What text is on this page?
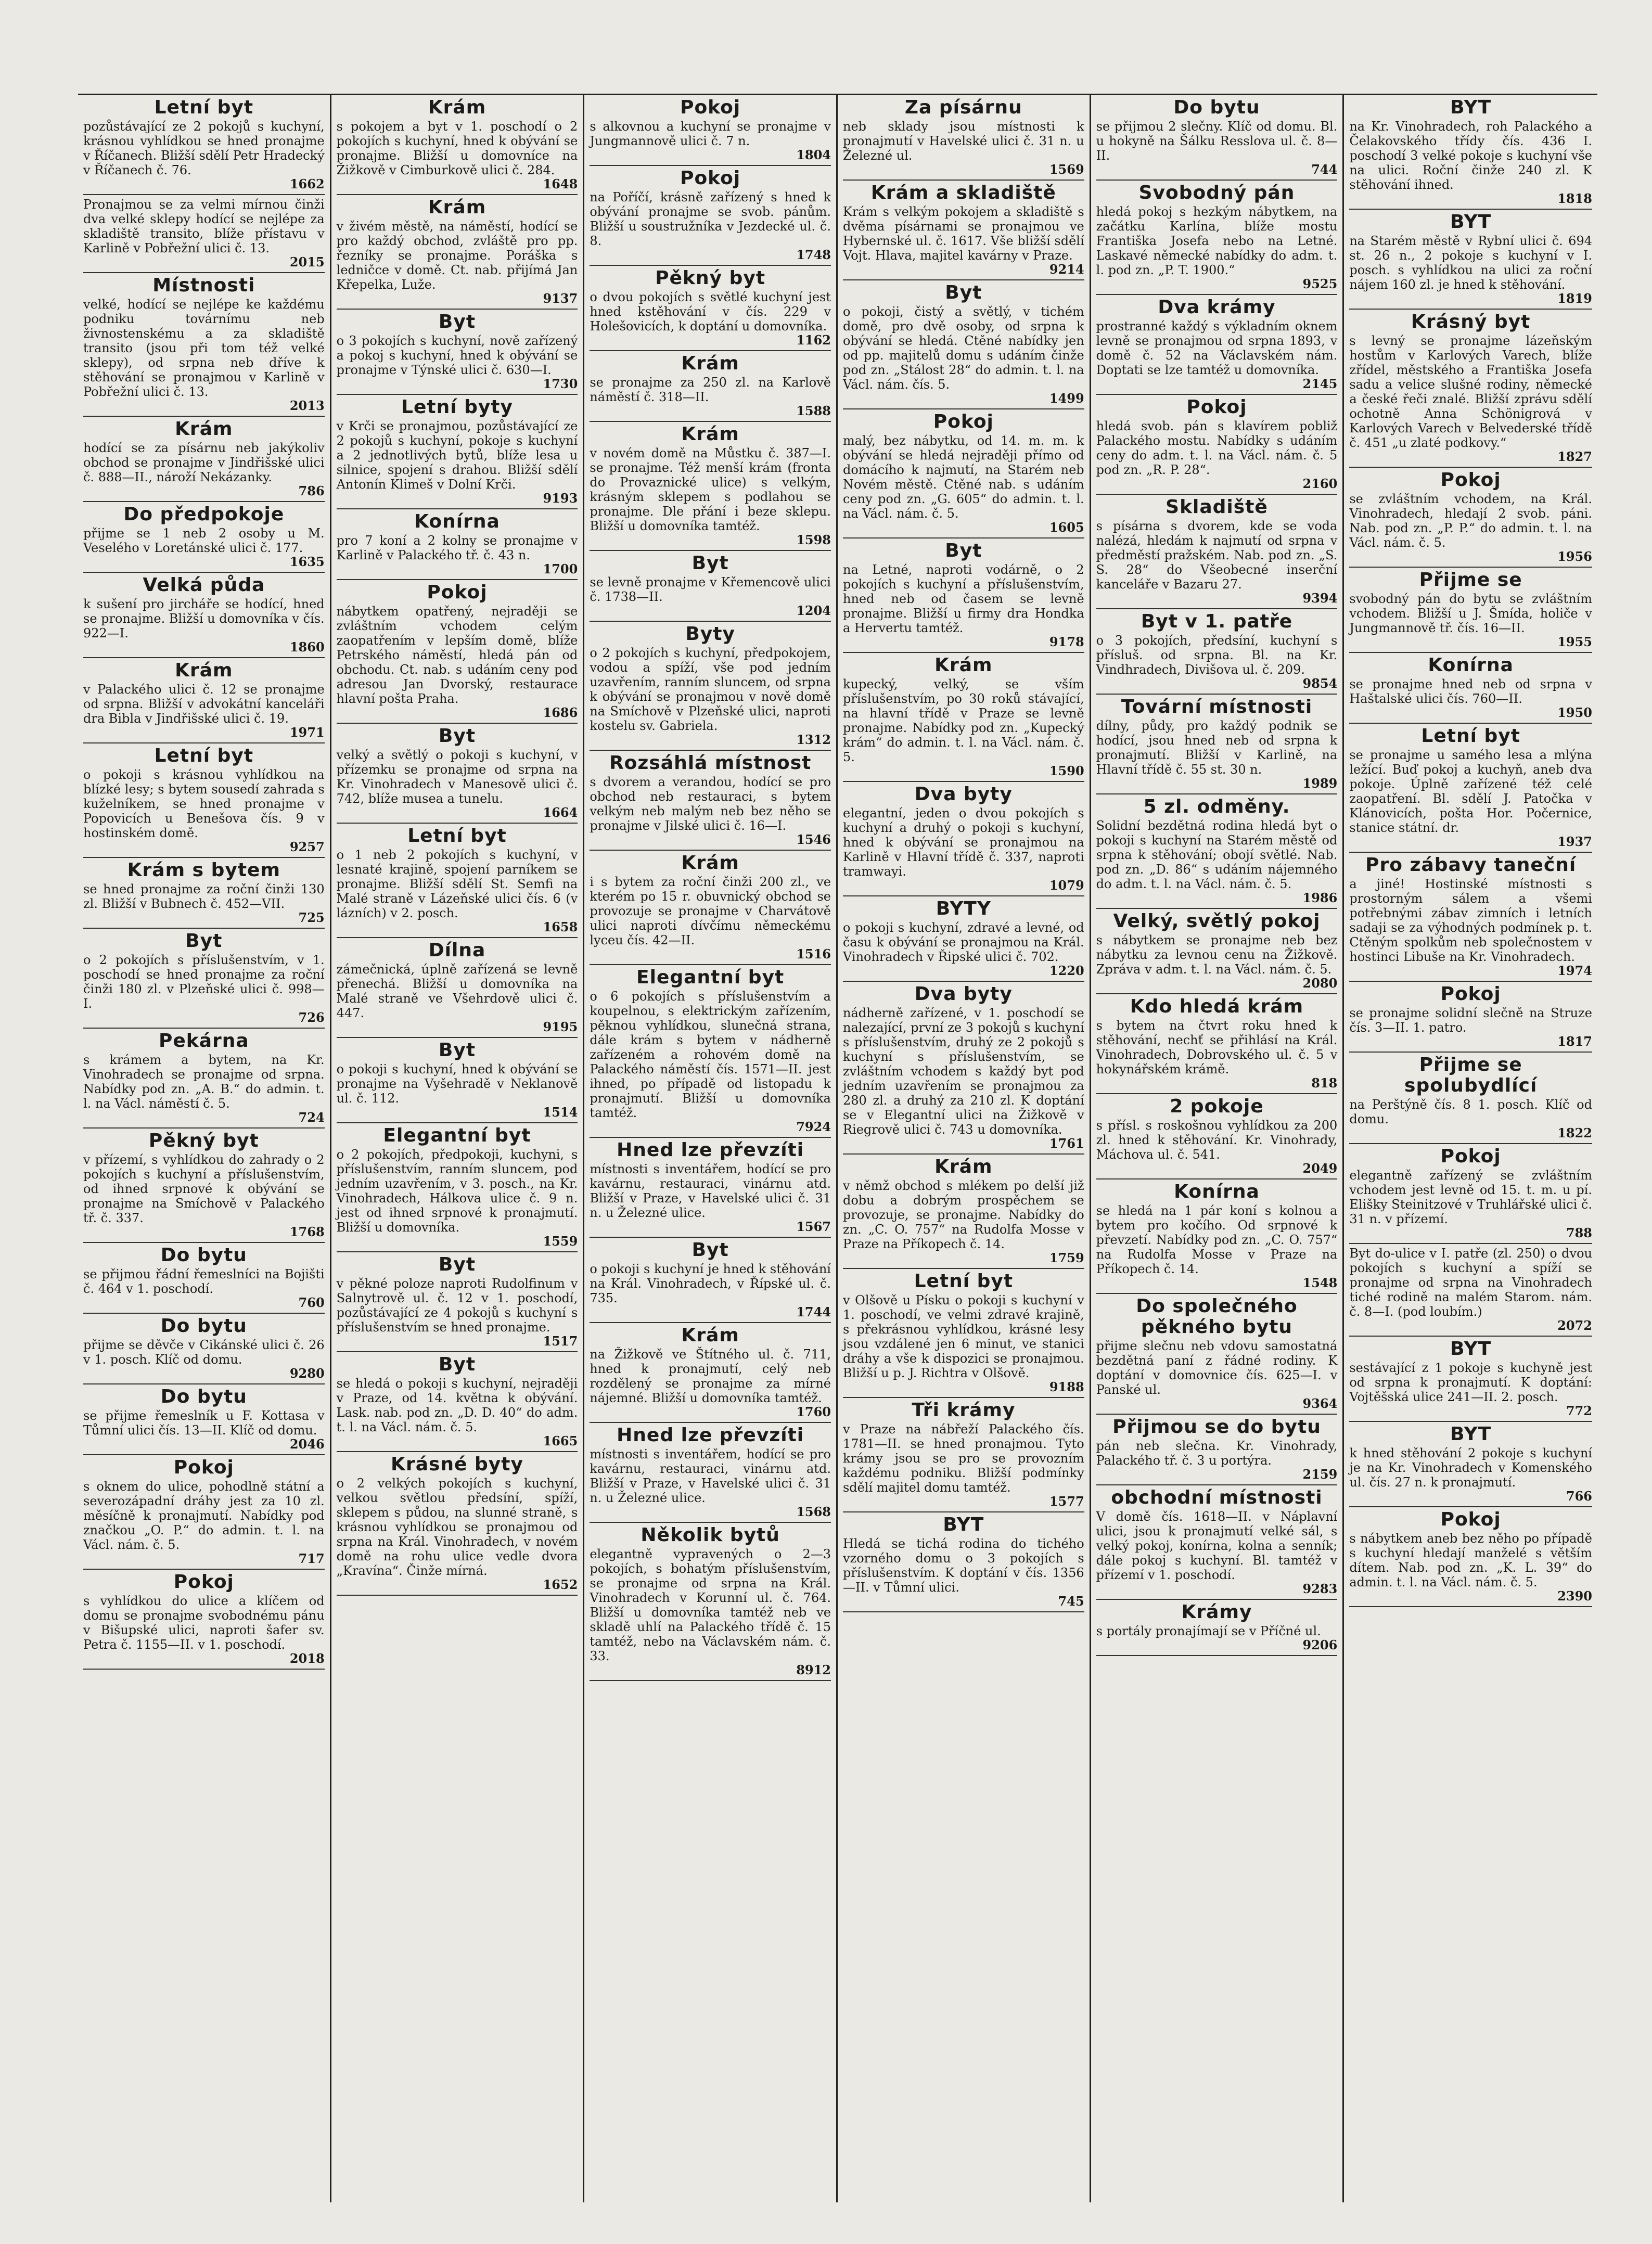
Letní byt

pozůstávající ze 2 pokojů s kuchyní, krásnou vyhlídkou se hned pronajme v Říčanech. Bližší sdělí Petr Hradecký v Říčanech č. 76.

1662

Pronajmou se za velmi mírnou činži dva velké sklepy hodící se nejlépe za skladiště transito, blíže přístavu v Karlině v Pobřežní ulici č. 13.

2015
Místnosti

velké, hodící se nejlépe ke každému podniku továrnímu neb živnostenskému a za skladiště transito (jsou při tom též velké sklepy), od srpna neb dříve k stěhování se pronajmou v Karlině v Pobřežní ulici č. 13.

2013
Krám

hodící se za písárnu neb jakýkoliv obchod se pronajme v Jindřišské ulici č. 888—II., nároží Nekázanky.

786
Do předpokoje

přijme se 1 neb 2 osoby u M. Veselého v Loretánské ulici č. 177.

1635
Velká půda

k sušení pro jircháře se hodící, hned se pronajme. Bližší u domovníka v čís. 922—I.

1860
Krám

v Palackého ulici č. 12 se pronajme od srpna. Bližší v advokátní kanceláři dra Bibla v Jindřišské ulici č. 19.

1971
Letní byt

o pokoji s krásnou vyhlídkou na blízké lesy; s bytem sousedí zahrada s kuželníkem, se hned pronajme v Popovicích u Benešova čís. 9 v hostinském domě.

9257
Krám s bytem

se hned pronajme za roční činži 130 zl. Bližší v Bubnech č. 452—VII.

725
Byt

o 2 pokojích s příslušenstvím, v 1. poschodí se hned pronajme za roční činži 180 zl. v Plzeňské ulici č. 998—I.

726
Pekárna

s krámem a bytem, na Kr. Vinohradech se pronajme od srpna. Nabídky pod zn. „A. B.“ do admin. t. l. na Václ. náměstí č. 5.

724
Pěkný byt

v přízemí, s vyhlídkou do zahrady o 2 pokojích s kuchyní a příslušenstvím, od ihned srpnové k obývání se pronajme na Smíchově v Palackého tř. č. 337.

1768
Do bytu

se přijmou řádní řemeslníci na Bojišti č. 464 v 1. poschodí.

760
Do bytu

přijme se děvče v Cikánské ulici č. 26 v 1. posch. Klíč od domu.

9280
Do bytu

se přijme řemeslník u F. Kottasa v Tůmní ulici čís. 13—II. Klíč od domu.

2046
Pokoj

s oknem do ulice, pohodlně státní a severozápadní dráhy jest za 10 zl. měsíčně k pronajmutí. Nabídky pod značkou „O. P.“ do admin. t. l. na Václ. nám. č. 5.

717
Pokoj

s vyhlídkou do ulice a klíčem od domu se pronajme svobodnému pánu v Bišupské ulici, naproti šafer sv. Petra č. 1155—II. v 1. poschodí.

2018
Krám

s pokojem a byt v 1. poschodí o 2 pokojích s kuchyní, hned k obývání se pronajme. Bližší u domovníce na Žižkově v Cimburkově ulici č. 284.

1648
Krám

v živém městě, na náměstí, hodící se pro každý obchod, zvláště pro pp. řezníky se pronajme. Poráška s ledničce v domě. Ct. nab. přijímá Jan Křepelka, Luže.

9137
Byt

o 3 pokojích s kuchyní, nově zařízený a pokoj s kuchyní, hned k obývání se pronajme v Týnské ulici č. 630—I.

1730
Letní byty

v Krči se pronajmou, pozůstávající ze 2 pokojů s kuchyní, pokoje s kuchyní a 2 jednotlivých bytů, blíže lesa u silnice, spojení s drahou. Bližší sdělí Antonín Klimeš v Dolní Krči.

9193
Konírna

pro 7 koní a 2 kolny se pronajme v Karlině v Palackého tř. č. 43 n.

1700
Pokoj

nábytkem opatřený, nejraději se zvláštním vchodem celým zaopatřením v lepším domě, blíže Petrského náměstí, hledá pán od obchodu. Ct. nab. s udáním ceny pod adresou Jan Dvorský, restaurace hlavní pošta Praha.

1686
Byt

velký a světlý o pokoji s kuchyní, v přízemku se pronajme od srpna na Kr. Vinohradech v Manesově ulici č. 742, blíže musea a tunelu.

1664
Letní byt

o 1 neb 2 pokojích s kuchyní, v lesnaté krajině, spojení parníkem se pronajme. Bližší sdělí St. Semfi na Malé straně v Lázeňské ulici čís. 6 (v lázních) v 2. posch.

1658
Dílna

zámečnická, úplně zařízená se levně přenechá. Bližší u domovníka na Malé straně ve Všehrdově ulici č. 447.

9195
Byt

o pokoji s kuchyní, hned k obývání se pronajme na Vyšehradě v Neklanově ul. č. 112.

1514
Elegantní byt

o 2 pokojích, předpokoji, kuchyni, s příslušenstvím, ranním sluncem, pod jedním uzavřením, v 3. posch., na Kr. Vinohradech, Hálkova ulice č. 9 n. jest od ihned srpnové k pronajmutí. Bližší u domovníka.

1559
Byt

v pěkné poloze naproti Rudolfinum v Salnytrově ul. č. 12 v 1. poschodí, pozůstávající ze 4 pokojů s kuchyní s příslušenstvím se hned pronajme.

1517
Byt

se hledá o pokoji s kuchyní, nejraději v Praze, od 14. května k obývání. Lask. nab. pod zn. „D. D. 40“ do adm. t. l. na Václ. nám. č. 5.

1665
Krásné byty

o 2 velkých pokojích s kuchyní, velkou světlou předsíní, spíží, sklepem s půdou, na slunné straně, s krásnou vyhlídkou se pronajmou od srpna na Král. Vinohradech, v novém domě na rohu ulice vedle dvora „Kravína“. Činže mírná.

1652
Pokoj

s alkovnou a kuchyní se pronajme v Jungmannově ulici č. 7 n.

1804
Pokoj

na Poříčí, krásně zařízený s hned k obývání pronajme se svob. pánům. Bližší u soustružníka v Jezdecké ul. č. 8.

1748
Pěkný byt

o dvou pokojích s světlé kuchyní jest hned kstěhování v čís. 229 v Holešovicích, k doptání u domovníka.

1162
Krám

se pronajme za 250 zl. na Karlově náměstí č. 318—II.

1588
Krám

v novém domě na Můstku č. 387—I. se pronajme. Též menší krám (fronta do Provaznické ulice) s velkým, krásným sklepem s podlahou se pronajme. Dle přání i beze sklepu. Bližší u domovníka tamtéž.

1598
Byt

se levně pronajme v Křemencově ulici č. 1738—II.

1204
Byty

o 2 pokojích s kuchyní, předpokojem, vodou a spíží, vše pod jedním uzavřením, ranním sluncem, od srpna k obývání se pronajmou v nově domě na Smíchově v Plzeňské ulici, naproti kostelu sv. Gabriela.

1312
Rozsáhlá místnost

s dvorem a verandou, hodící se pro obchod neb restauraci, s bytem velkým neb malým neb bez něho se pronajme v Jilské ulici č. 16—I.

1546
Krám

i s bytem za roční činži 200 zl., ve kterém po 15 r. obuvnický obchod se provozuje se pronajme v Charvátově ulici naproti dívčímu německému lyceu čís. 42—II.

1516
Elegantní byt

o 6 pokojích s příslušenstvím a koupelnou, s elektrickým zařízením, pěknou vyhlídkou, slunečná strana, dále krám s bytem v nádherně zařízeném a rohovém domě na Palackého náměstí čís. 1571—II. jest ihned, po případě od listopadu k pronajmutí. Bližší u domovníka tamtéž.

7924
Hned lze převzíti

místnosti s inventářem, hodící se pro kavárnu, restauraci, vinárnu atd. Bližší v Praze, v Havelské ulici č. 31 n. u Železné ulice.

1567
Byt

o pokoji s kuchyní je hned k stěhování na Král. Vinohradech, v Řípské ul. č. 735.

1744
Krám

na Žižkově ve Štítného ul. č. 711, hned k pronajmutí, celý neb rozdělený se pronajme za mírné nájemné. Bližší u domovníka tamtéž.

1760
Hned lze převzíti

místnosti s inventářem, hodící se pro kavárnu, restauraci, vinárnu atd. Bližší v Praze, v Havelské ulici č. 31 n. u Železné ulice.

1568
Několik bytů

elegantně vypravených o 2—3 pokojích, s bohatým příslušenstvím, se pronajme od srpna na Král. Vinohradech v Korunní ul. č. 764. Bližší u domovníka tamtéž neb ve skladě uhlí na Palackého třídě č. 15 tamtéž, nebo na Václavském nám. č. 33.

8912
Za písárnu

neb sklady jsou místnosti k pronajmutí v Havelské ulici č. 31 n. u Železné ul.

1569
Krám a skladiště

Krám s velkým pokojem a skladiště s dvěma písárnami se pronajmou ve Hybernské ul. č. 1617. Vše bližší sdělí Vojt. Hlava, majitel kavárny v Praze.

9214
Byt

o pokoji, čistý a světlý, v tichém domě, pro dvě osoby, od srpna k obývání se hledá. Ctěné nabídky jen od pp. majitelů domu s udáním činže pod zn. „Stálost 28“ do admin. t. l. na Václ. nám. čís. 5.

1499
Pokoj

malý, bez nábytku, od 14. m. m. k obývání se hledá nejraději přímo od domácího k najmutí, na Starém neb Novém městě. Ctěné nab. s udáním ceny pod zn. „G. 605“ do admin. t. l. na Václ. nám. č. 5.

1605
Byt

na Letné, naproti vodárně, o 2 pokojích s kuchyní a příslušenstvím, hned neb od časem se levně pronajme. Bližší u firmy dra Hondka a Hervertu tamtéž.

9178
Krám

kupecký, velký, se vším příslušenstvím, po 30 roků stávající, na hlavní třídě v Praze se levně pronajme. Nabídky pod zn. „Kupecký krám“ do admin. t. l. na Václ. nám. č. 5.

1590
Dva byty

elegantní, jeden o dvou pokojích s kuchyní a druhý o pokoji s kuchyní, hned k obývání se pronajmou na Karlině v Hlavní třídě č. 337, naproti tramwayi.

1079
BYTY

o pokoji s kuchyní, zdravé a levné, od času k obývání se pronajmou na Král. Vinohradech v Řipské ulici č. 702.

1220
Dva byty

nádherně zařízené, v 1. poschodí se nalezající, první ze 3 pokojů s kuchyní s příslušenstvím, druhý ze 2 pokojů s kuchyní s příslušenstvím, se zvláštním vchodem s každý byt pod jedním uzavřením se pronajmou za 280 zl. a druhý za 210 zl. K doptání se v Elegantní ulici na Žižkově v Riegrově ulici č. 743 u domovníka.

1761
Krám

v němž obchod s mlékem po delší již dobu a dobrým prospěchem se provozuje, se pronajme. Nabídky do zn. „C. O. 757“ na Rudolfa Mosse v Praze na Příkopech č. 14.

1759
Letní byt

v Olšově u Písku o pokoji s kuchyní v 1. poschodí, ve velmi zdravé krajině, s překrásnou vyhlídkou, krásné lesy jsou vzdálené jen 6 minut, ve stanici dráhy a vše k dispozici se pronajmou. Bližší u p. J. Richtra v Olšově.

9188
Tři krámy

v Praze na nábřeží Palackého čís. 1781—II. se hned pronajmou. Tyto krámy jsou se pro se provozním každému podniku. Bližší podmínky sdělí majitel domu tamtéž.

1577
BYT

Hledá se tichá rodina do tichého vzorného domu o 3 pokojích s příslušenstvím. K doptání v čís. 1356—II. v Tůmní ulici.

745
Do bytu

se přijmou 2 slečny. Klíč od domu. Bl. u hokyně na Šálku Resslova ul. č. 8—II.

744
Svobodný pán

hledá pokoj s hezkým nábytkem, na začátku Karlína, blíže mostu Františka Josefa nebo na Letné. Laskavé německé nabídky do adm. t. l. pod zn. „P. T. 1900.“

9525
Dva krámy

prostranné každý s výkladním oknem levně se pronajmou od srpna 1893, v domě č. 52 na Václavském nám. Doptati se lze tamtéž u domovníka.

2145
Pokoj

hledá svob. pán s klavírem pobliž Palackého mostu. Nabídky s udáním ceny do adm. t. l. na Václ. nám. č. 5 pod zn. „R. P. 28“.

2160
Skladiště

s písárna s dvorem, kde se voda nalézá, hledám k najmutí od srpna v předměstí pražském. Nab. pod zn. „S. S. 28“ do Všeobecné inserční kanceláře v Bazaru 27.

9394
Byt v 1. patře

o 3 pokojích, předsíní, kuchyní s přísluš. od srpna. Bl. na Kr. Vindhradech, Divišova ul. č. 209.

9854
Tovární místnosti

dílny, půdy, pro každý podnik se hodící, jsou hned neb od srpna k pronajmutí. Bližší v Karlině, na Hlavní třídě č. 55 st. 30 n.

1989
5 zl. odměny.

Solidní bezdětná rodina hledá byt o pokoji s kuchyní na Starém městě od srpna k stěhování; obojí světlé. Nab. pod zn. „D. 86“ s udáním nájemného do adm. t. l. na Václ. nám. č. 5.

1986
Velký, světlý pokoj

s nábytkem se pronajme neb bez nábytku za levnou cenu na Žižkově. Zpráva v adm. t. l. na Václ. nám. č. 5.

2080
Kdo hledá krám

s bytem na čtvrt roku hned k stěhování, nechť se přihlásí na Král. Vinohradech, Dobrovského ul. č. 5 v hokynářském krámě.

818
2 pokoje

s přísl. s roskošnou vyhlídkou za 200 zl. hned k stěhování. Kr. Vinohrady, Máchova ul. č. 541.

2049
Konírna

se hledá na 1 pár koní s kolnou a bytem pro kočího. Od srpnové k převzetí. Nabídky pod zn. „C. O. 757“ na Rudolfa Mosse v Praze na Příkopech č. 14.

1548
Do společného pěkného bytu

přijme slečnu neb vdovu samostatná bezdětná paní z řádné rodiny. K doptání v domovnice čís. 625—I. v Panské ul.

9364
Přijmou se do bytu

pán neb slečna. Kr. Vinohrady, Palackého tř. č. 3 u portýra.

2159
obchodní místnosti

V domě čís. 1618—II. v Náplavní ulici, jsou k pronajmutí velké sál, s velký pokoj, konírna, kolna a senník; dále pokoj s kuchyní. Bl. tamtéž v přízemí v 1. poschodí.

9283
Krámy

s portály pronajímají se v Příčné ul.

9206
BYT

na Kr. Vinohradech, roh Palackého a Čelakovského třídy čís. 436 I. poschodí 3 velké pokoje s kuchyní vše na ulici. Roční činže 240 zl. K stěhování ihned.

1818
BYT

na Starém městě v Rybní ulici č. 694 st. 26 n., 2 pokoje s kuchyní v I. posch. s vyhlídkou na ulici za roční nájem 160 zl. je hned k stěhování.

1819
Krásný byt

s levný se pronajme lázeňským hostům v Karlových Varech, blíže zřídel, městského a Františka Josefa sadu a velice slušné rodiny, německé a české řeči znalé. Bližší zprávu sdělí ochotně Anna Schönigrová v Karlových Varech v Belvederské třídě č. 451 „u zlaté podkovy.“

1827
Pokoj

se zvláštním vchodem, na Král. Vinohradech, hledají 2 svob. páni. Nab. pod zn. „P. P.“ do admin. t. l. na Václ. nám. č. 5.

1956
Přijme se

svobodný pán do bytu se zvláštním vchodem. Bližší u J. Šmída, holiče v Jungmannově tř. čís. 16—II.

1955
Konírna

se pronajme hned neb od srpna v Haštalské ulici čís. 760—II.

1950
Letní byt

se pronajme u samého lesa a mlýna ležící. Buď pokoj a kuchyň, aneb dva pokoje. Úplně zařízené též celé zaopatření. Bl. sdělí J. Patočka v Klánovicích, pošta Hor. Počernice, stanice státní. dr.

1937
Pro zábavy taneční

a jiné! Hostinské místnosti s prostorným sálem a všemi potřebnými zábav zimních i letních sadaji se za výhodných podmínek p. t. Ctěným spolkům neb společnostem v hostinci Libuše na Kr. Vinohradech.

1974
Pokoj

se pronajme solidní slečně na Struze čís. 3—II. 1. patro.

1817
Přijme se spolubydlící

na Perštýně čís. 8 1. posch. Klíč od domu.

1822
Pokoj

elegantně zařízený se zvláštním vchodem jest levně od 15. t. m. u pí. Elišky Steinitzové v Truhlářské ulici č. 31 n. v přízemí.

788

Byt do-ulice v I. patře (zl. 250) o dvou pokojích s kuchyní a spíží se pronajme od srpna na Vinohradech tiché rodině na malém Starom. nám. č. 8—I. (pod loubím.)

2072
BYT

sestávající z 1 pokoje s kuchyně jest od srpna k pronajmutí. K doptání: Vojtěšská ulice 241—II. 2. posch.

772
BYT

k hned stěhování 2 pokoje s kuchyní je na Kr. Vinohradech v Komenského ul. čís. 27 n. k pronajmutí.

766
Pokoj

s nábytkem aneb bez něho po případě s kuchyní hledají manželé s větším dítem. Nab. pod zn. „K. L. 39“ do admin. t. l. na Václ. nám. č. 5.

2390
